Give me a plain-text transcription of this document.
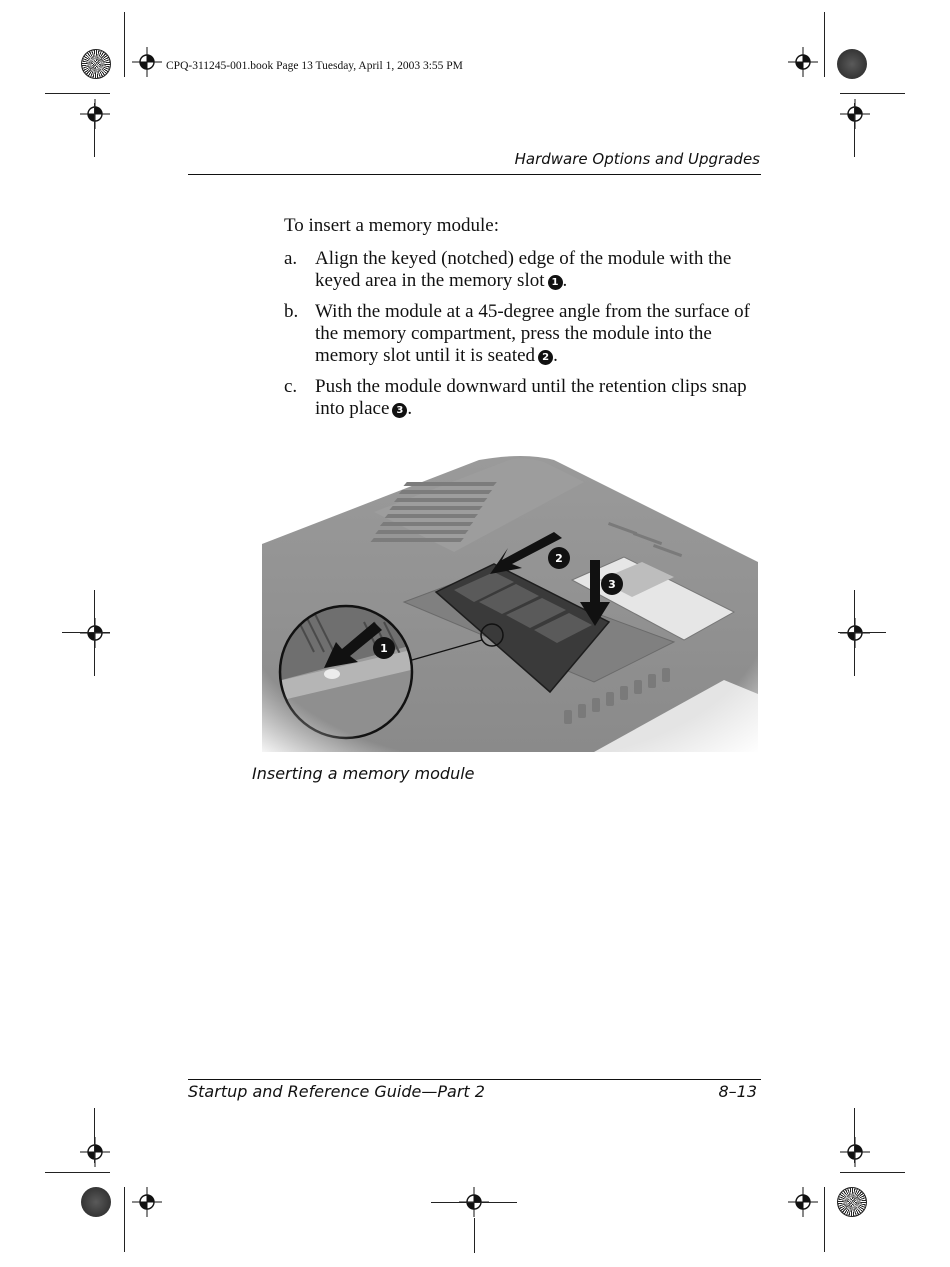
CPQ-311245-001.book Page 13 Tuesday, April 1, 2003 3:55 PM
Hardware Options and Upgrades
To insert a memory module:
a. Align the keyed (notched) edge of the module with the keyed area in the memory slot 1 .
b. With the module at a 45-degree angle from the surface of the memory compartment, press the module into the memory slot until it is seated 2 .
c. Push the module downward until the retention clips snap into place 3 .
Inserting a memory module
Startup and Reference Guide—Part 2	8–13
